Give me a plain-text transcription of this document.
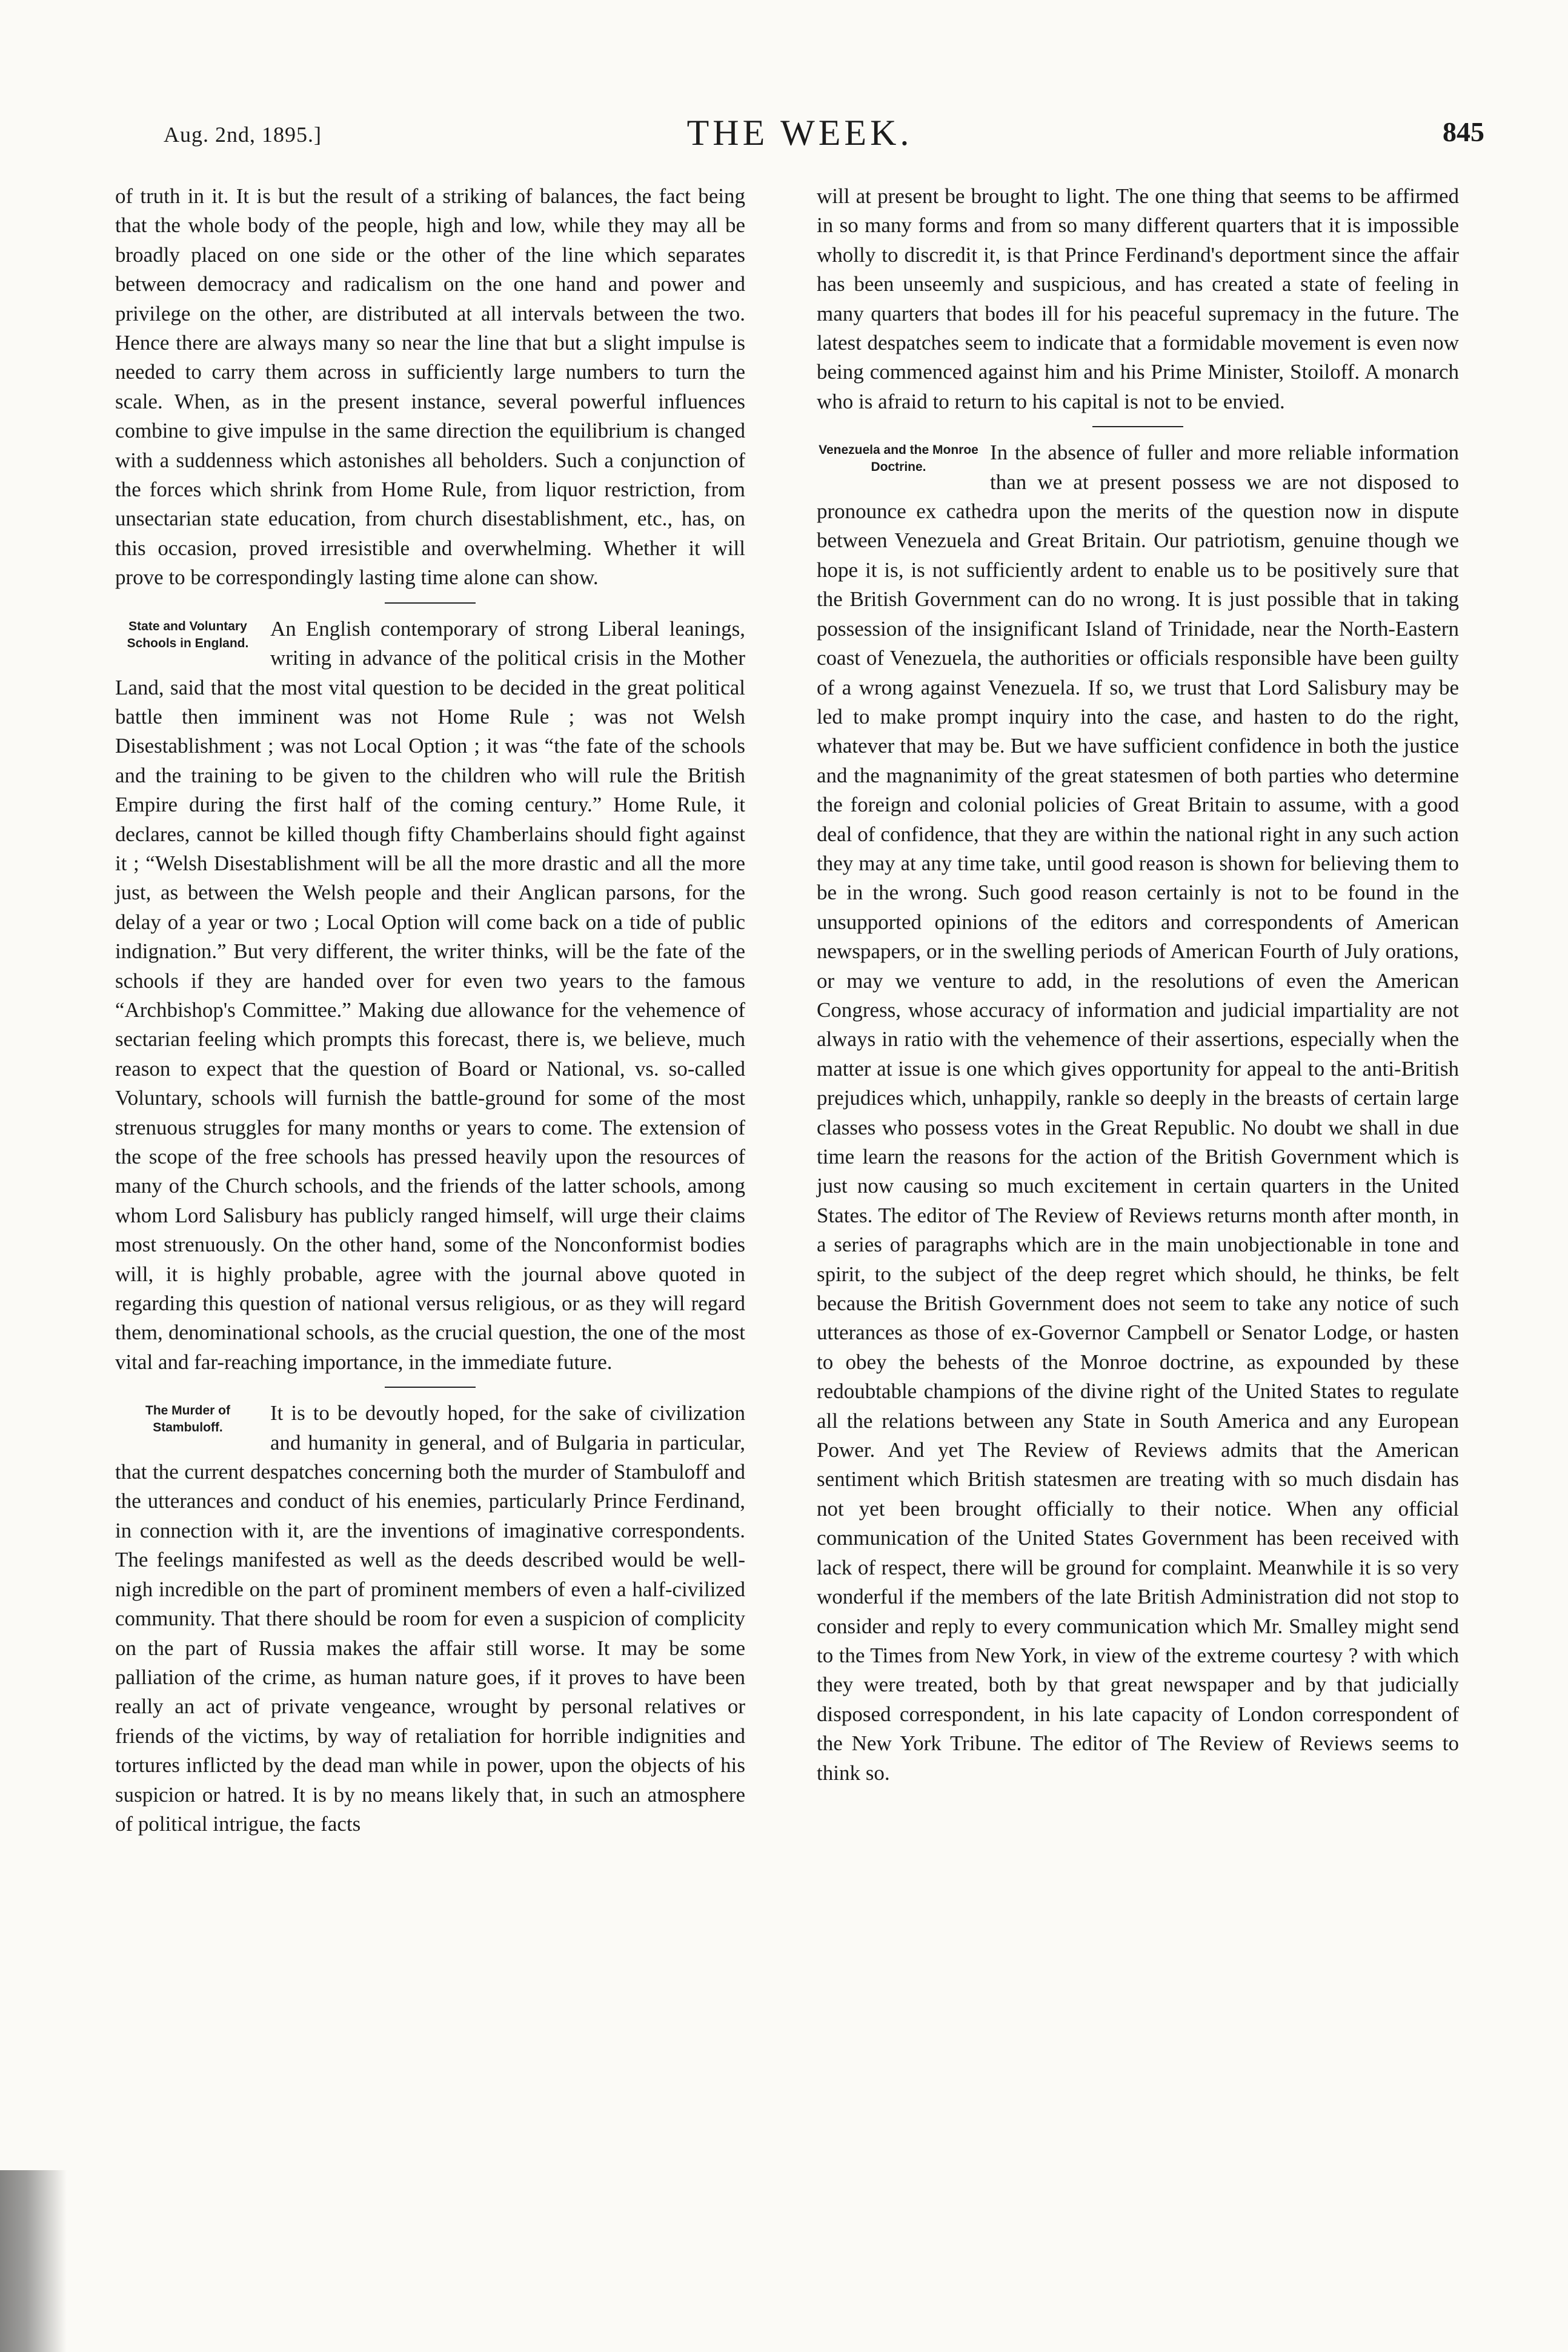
Aug. 2nd, 1895.]	THE WEEK.	845

of truth in it. It is but the result of a striking of balances, the fact being that the whole body of the people, high and low, while they may all be broadly placed on one side or the other of the line which separates between democracy and radicalism on the one hand and power and privilege on the other, are distributed at all intervals between the two. Hence there are always many so near the line that but a slight impulse is needed to carry them across in sufficiently large numbers to turn the scale. When, as in the present instance, several powerful influences combine to give impulse in the same direction the equilibrium is changed with a suddenness which astonishes all beholders. Such a conjunction of the forces which shrink from Home Rule, from liquor restriction, from unsectarian state education, from church disestablishment, etc., has, on this occasion, proved irresistible and overwhelming. Whether it will prove to be correspondingly lasting time alone can show.

State and Voluntary Schools in England.

An English contemporary of strong Liberal leanings, writing in advance of the political crisis in the Mother Land, said that the most vital question to be decided in the great political battle then imminent was not Home Rule ; was not Welsh Disestablishment ; was not Local Option ; it was “the fate of the schools and the training to be given to the children who will rule the British Empire during the first half of the coming century.” Home Rule, it declares, cannot be killed though fifty Chamberlains should fight against it ; “Welsh Disestablishment will be all the more drastic and all the more just, as between the Welsh people and their Anglican parsons, for the delay of a year or two ; Local Option will come back on a tide of public indignation.” But very different, the writer thinks, will be the fate of the schools if they are handed over for even two years to the famous “Archbishop's Committee.” Making due allowance for the vehemence of sectarian feeling which prompts this forecast, there is, we believe, much reason to expect that the question of Board or National, vs. so-called Voluntary, schools will furnish the battle-ground for some of the most strenuous struggles for many months or years to come. The extension of the scope of the free schools has pressed heavily upon the resources of many of the Church schools, and the friends of the latter schools, among whom Lord Salisbury has publicly ranged himself, will urge their claims most strenuously. On the other hand, some of the Nonconformist bodies will, it is highly probable, agree with the journal above quoted in regarding this question of national versus religious, or as they will regard them, denominational schools, as the crucial question, the one of the most vital and far-reaching importance, in the immediate future.

The Murder of Stambuloff.

It is to be devoutly hoped, for the sake of civilization and humanity in general, and of Bulgaria in particular, that the current despatches concerning both the murder of Stambuloff and the utterances and conduct of his enemies, particularly Prince Ferdinand, in connection with it, are the inventions of imaginative correspondents. The feelings manifested as well as the deeds described would be well-nigh incredible on the part of prominent members of even a half-civilized community. That there should be room for even a suspicion of complicity on the part of Russia makes the affair still worse. It may be some palliation of the crime, as human nature goes, if it proves to have been really an act of private vengeance, wrought by personal relatives or friends of the victims, by way of retaliation for horrible indignities and tortures inflicted by the dead man while in power, upon the objects of his suspicion or hatred. It is by no means likely that, in such an atmosphere of political intrigue, the facts

will at present be brought to light. The one thing that seems to be affirmed in so many forms and from so many different quarters that it is impossible wholly to discredit it, is that Prince Ferdinand's deportment since the affair has been unseemly and suspicious, and has created a state of feeling in many quarters that bodes ill for his peaceful supremacy in the future. The latest despatches seem to indicate that a formidable movement is even now being commenced against him and his Prime Minister, Stoiloff. A monarch who is afraid to return to his capital is not to be envied.

Venezuela and the Monroe Doctrine.

In the absence of fuller and more reliable information than we at present possess we are not disposed to pronounce ex cathedra upon the merits of the question now in dispute between Venezuela and Great Britain. Our patriotism, genuine though we hope it is, is not sufficiently ardent to enable us to be positively sure that the British Government can do no wrong. It is just possible that in taking possession of the insignificant Island of Trinidade, near the North-Eastern coast of Venezuela, the authorities or officials responsible have been guilty of a wrong against Venezuela. If so, we trust that Lord Salisbury may be led to make prompt inquiry into the case, and hasten to do the right, whatever that may be. But we have sufficient confidence in both the justice and the magnanimity of the great statesmen of both parties who determine the foreign and colonial policies of Great Britain to assume, with a good deal of confidence, that they are within the national right in any such action they may at any time take, until good reason is shown for believing them to be in the wrong. Such good reason certainly is not to be found in the unsupported opinions of the editors and correspondents of American newspapers, or in the swelling periods of American Fourth of July orations, or may we venture to add, in the resolutions of even the American Congress, whose accuracy of information and judicial impartiality are not always in ratio with the vehemence of their assertions, especially when the matter at issue is one which gives opportunity for appeal to the anti-British prejudices which, unhappily, rankle so deeply in the breasts of certain large classes who possess votes in the Great Republic. No doubt we shall in due time learn the reasons for the action of the British Government which is just now causing so much excitement in certain quarters in the United States. The editor of The Review of Reviews returns month after month, in a series of paragraphs which are in the main unobjectionable in tone and spirit, to the subject of the deep regret which should, he thinks, be felt because the British Government does not seem to take any notice of such utterances as those of ex-Governor Campbell or Senator Lodge, or hasten to obey the behests of the Monroe doctrine, as expounded by these redoubtable champions of the divine right of the United States to regulate all the relations between any State in South America and any European Power. And yet The Review of Reviews admits that the American sentiment which British statesmen are treating with so much disdain has not yet been brought officially to their notice. When any official communication of the United States Government has been received with lack of respect, there will be ground for complaint. Meanwhile it is so very wonderful if the members of the late British Administration did not stop to consider and reply to every communication which Mr. Smalley might send to the Times from New York, in view of the extreme courtesy ? with which they were treated, both by that great newspaper and by that judicially disposed correspondent, in his late capacity of London correspondent of the New York Tribune. The editor of The Review of Reviews seems to think so.
